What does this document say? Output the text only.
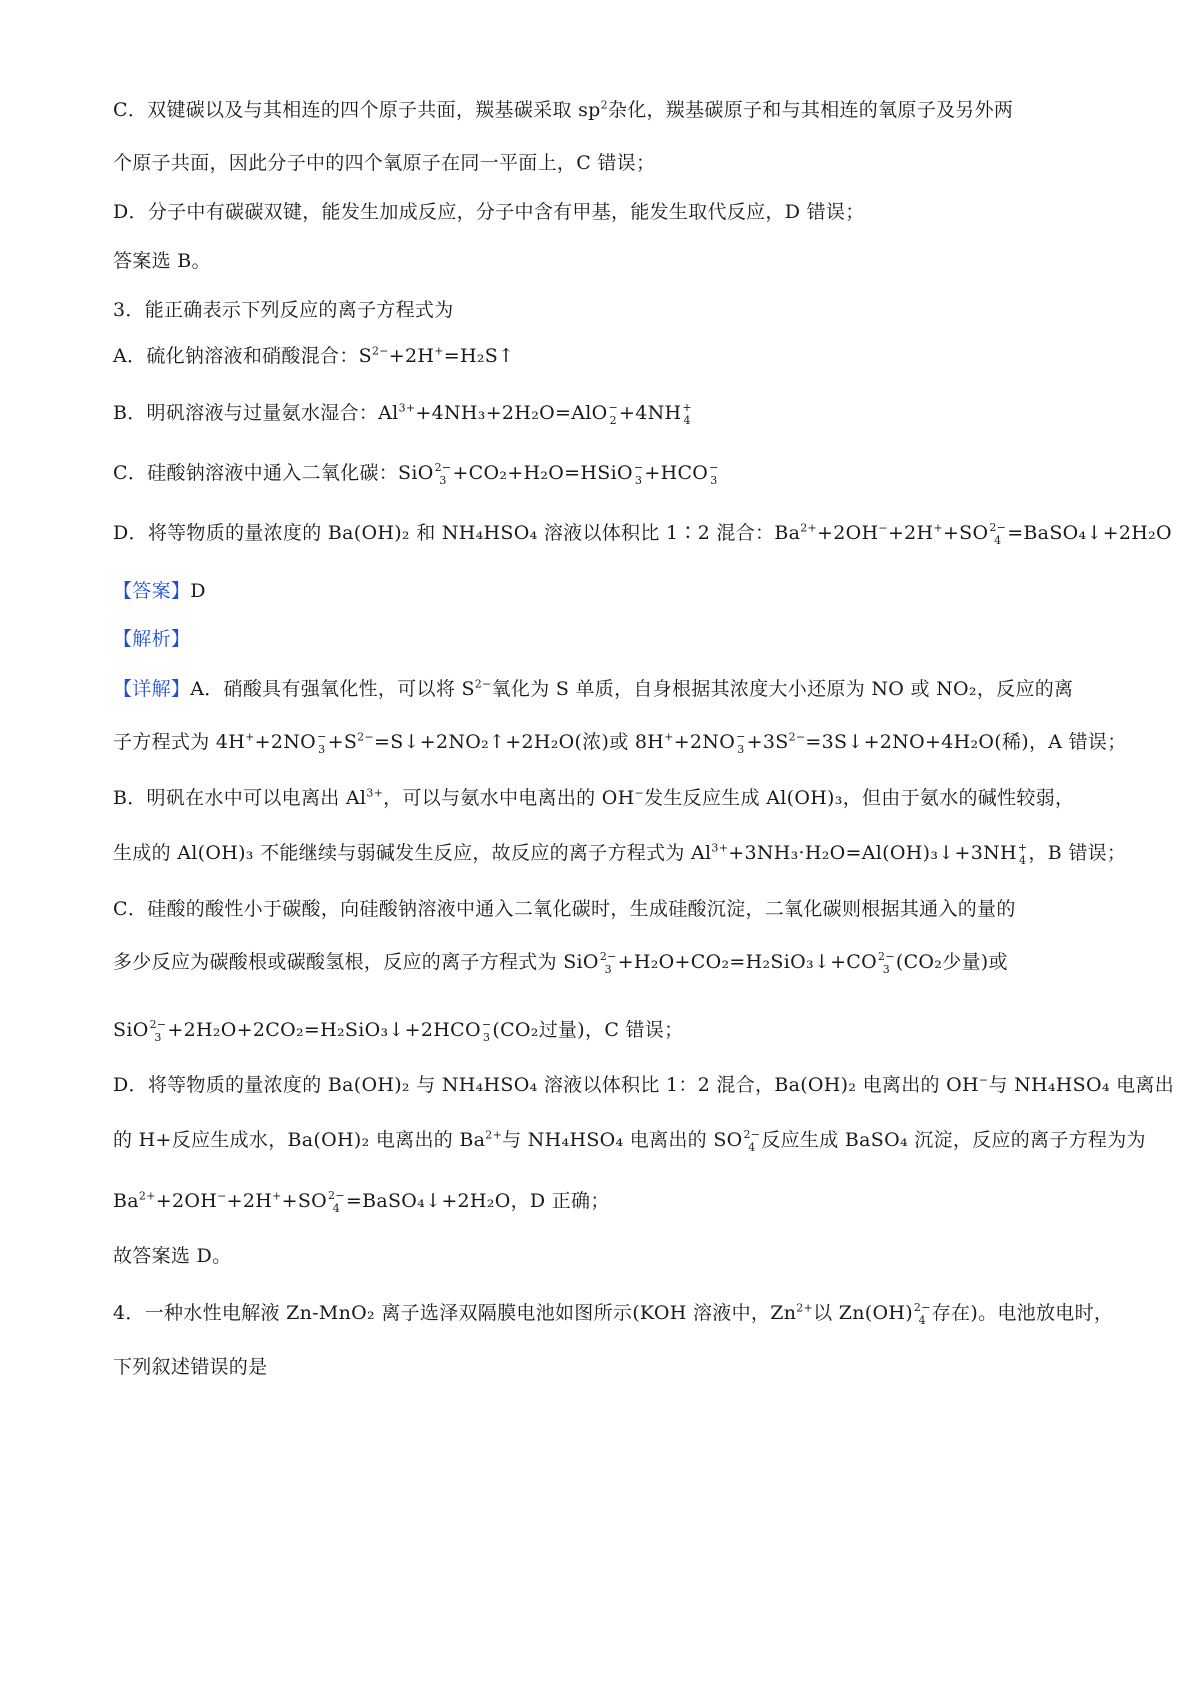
C．双键碳以及与其相连的四个原子共面，羰基碳采取 $sp^2$杂化，羰基碳原子和与其相连的氧原子及另外两
个原子共面，因此分子中的四个氧原子在同一平面上，C 错误；
D．分子中有碳碳双键，能发生加成反应，分子中含有甲基，能发生取代反应，D 错误；
答案选 B。
3．能正确表示下列反应的离子方程式为
A．硫化钠溶液和硝酸混合：$S^{2-}+2H^+=H_2S↑$
B．明矾溶液与过量氨水湿合：$Al^{3+}+4NH_3+2H_2O=AlO$ −
2 +4NH +
4
C．硅酸钠溶液中通入二氧化碳：SiO 2−
3 +CO₂+H₂O=HSiO −
3 +HCO −
3
D．将等物质的量浓度的 Ba(OH)₂ 和 NH₄HSO₄ 溶液以体积比 1∶2 混合：$Ba^{2+}+2OH^-+2H^++SO$ 2−
4 =BaSO₄↓+2H₂O
【答案】D
【解析】
【详解】A．硝酸具有强氧化性，可以将 $S^{2-}$氧化为 S 单质，自身根据其浓度大小还原为 NO 或 NO₂，反应的离
子方程式为 4H++2NO −
$3 +S^{2-}=S↓+2NO_2↑+2H_2O$(浓)或 8H++2NO −
$3 +3S^{2-}=3S↓+2NO+4H_2O$(稀)，A 错误；
B．明矾在水中可以电离出 $Al^{3+}$，可以与氨水中电离出的 OH−发生反应生成 Al(OH)₃，但由于氨水的碱性较弱，
生成的 Al(OH)₃ 不能继续与弱碱发生反应，故反应的离子方程式为 $Al^{3+}+3NH_3\cdot H_2O=Al(OH)_3↓+3NH$ +
4 ，B 错误；
C．硅酸的酸性小于碳酸，向硅酸钠溶液中通入二氧化碳时，生成硅酸沉淀，二氧化碳则根据其通入的量的
多少反应为碳酸根或碳酸氢根，反应的离子方程式为 SiO 2−
3 +H₂O+CO₂=H₂SiO₃↓+CO 2−
3 (CO₂少量)或
SiO 2−
3 +2H₂O+2CO₂=H₂SiO₃↓+2HCO −
3 (CO₂过量)，C 错误；
D．将等物质的量浓度的 Ba(OH)₂ 与 NH₄HSO₄ 溶液以体积比 1：2 混合，Ba(OH)₂ 电离出的 OH−与 NH₄HSO₄ 电离出
的 H+反应生成水，Ba(OH)₂ 电离出的 $Ba^{2+}$与 NH₄HSO₄ 电离出的 SO 2−
4 反应生成 BaSO₄ 沉淀，反应的离子方程为为
$Ba^{2+}+2OH^-+2H^++SO$ 2−
4 =BaSO₄↓+2H₂O，D 正确；
故答案选 D。
4．一种水性电解液 Zn-MnO₂ 离子选泽双隔膜电池如图所示(KOH 溶液中，$Zn^{2+}$以 Zn(OH) 2−
4 存在)。电池放电时，
下列叙述错误的是
